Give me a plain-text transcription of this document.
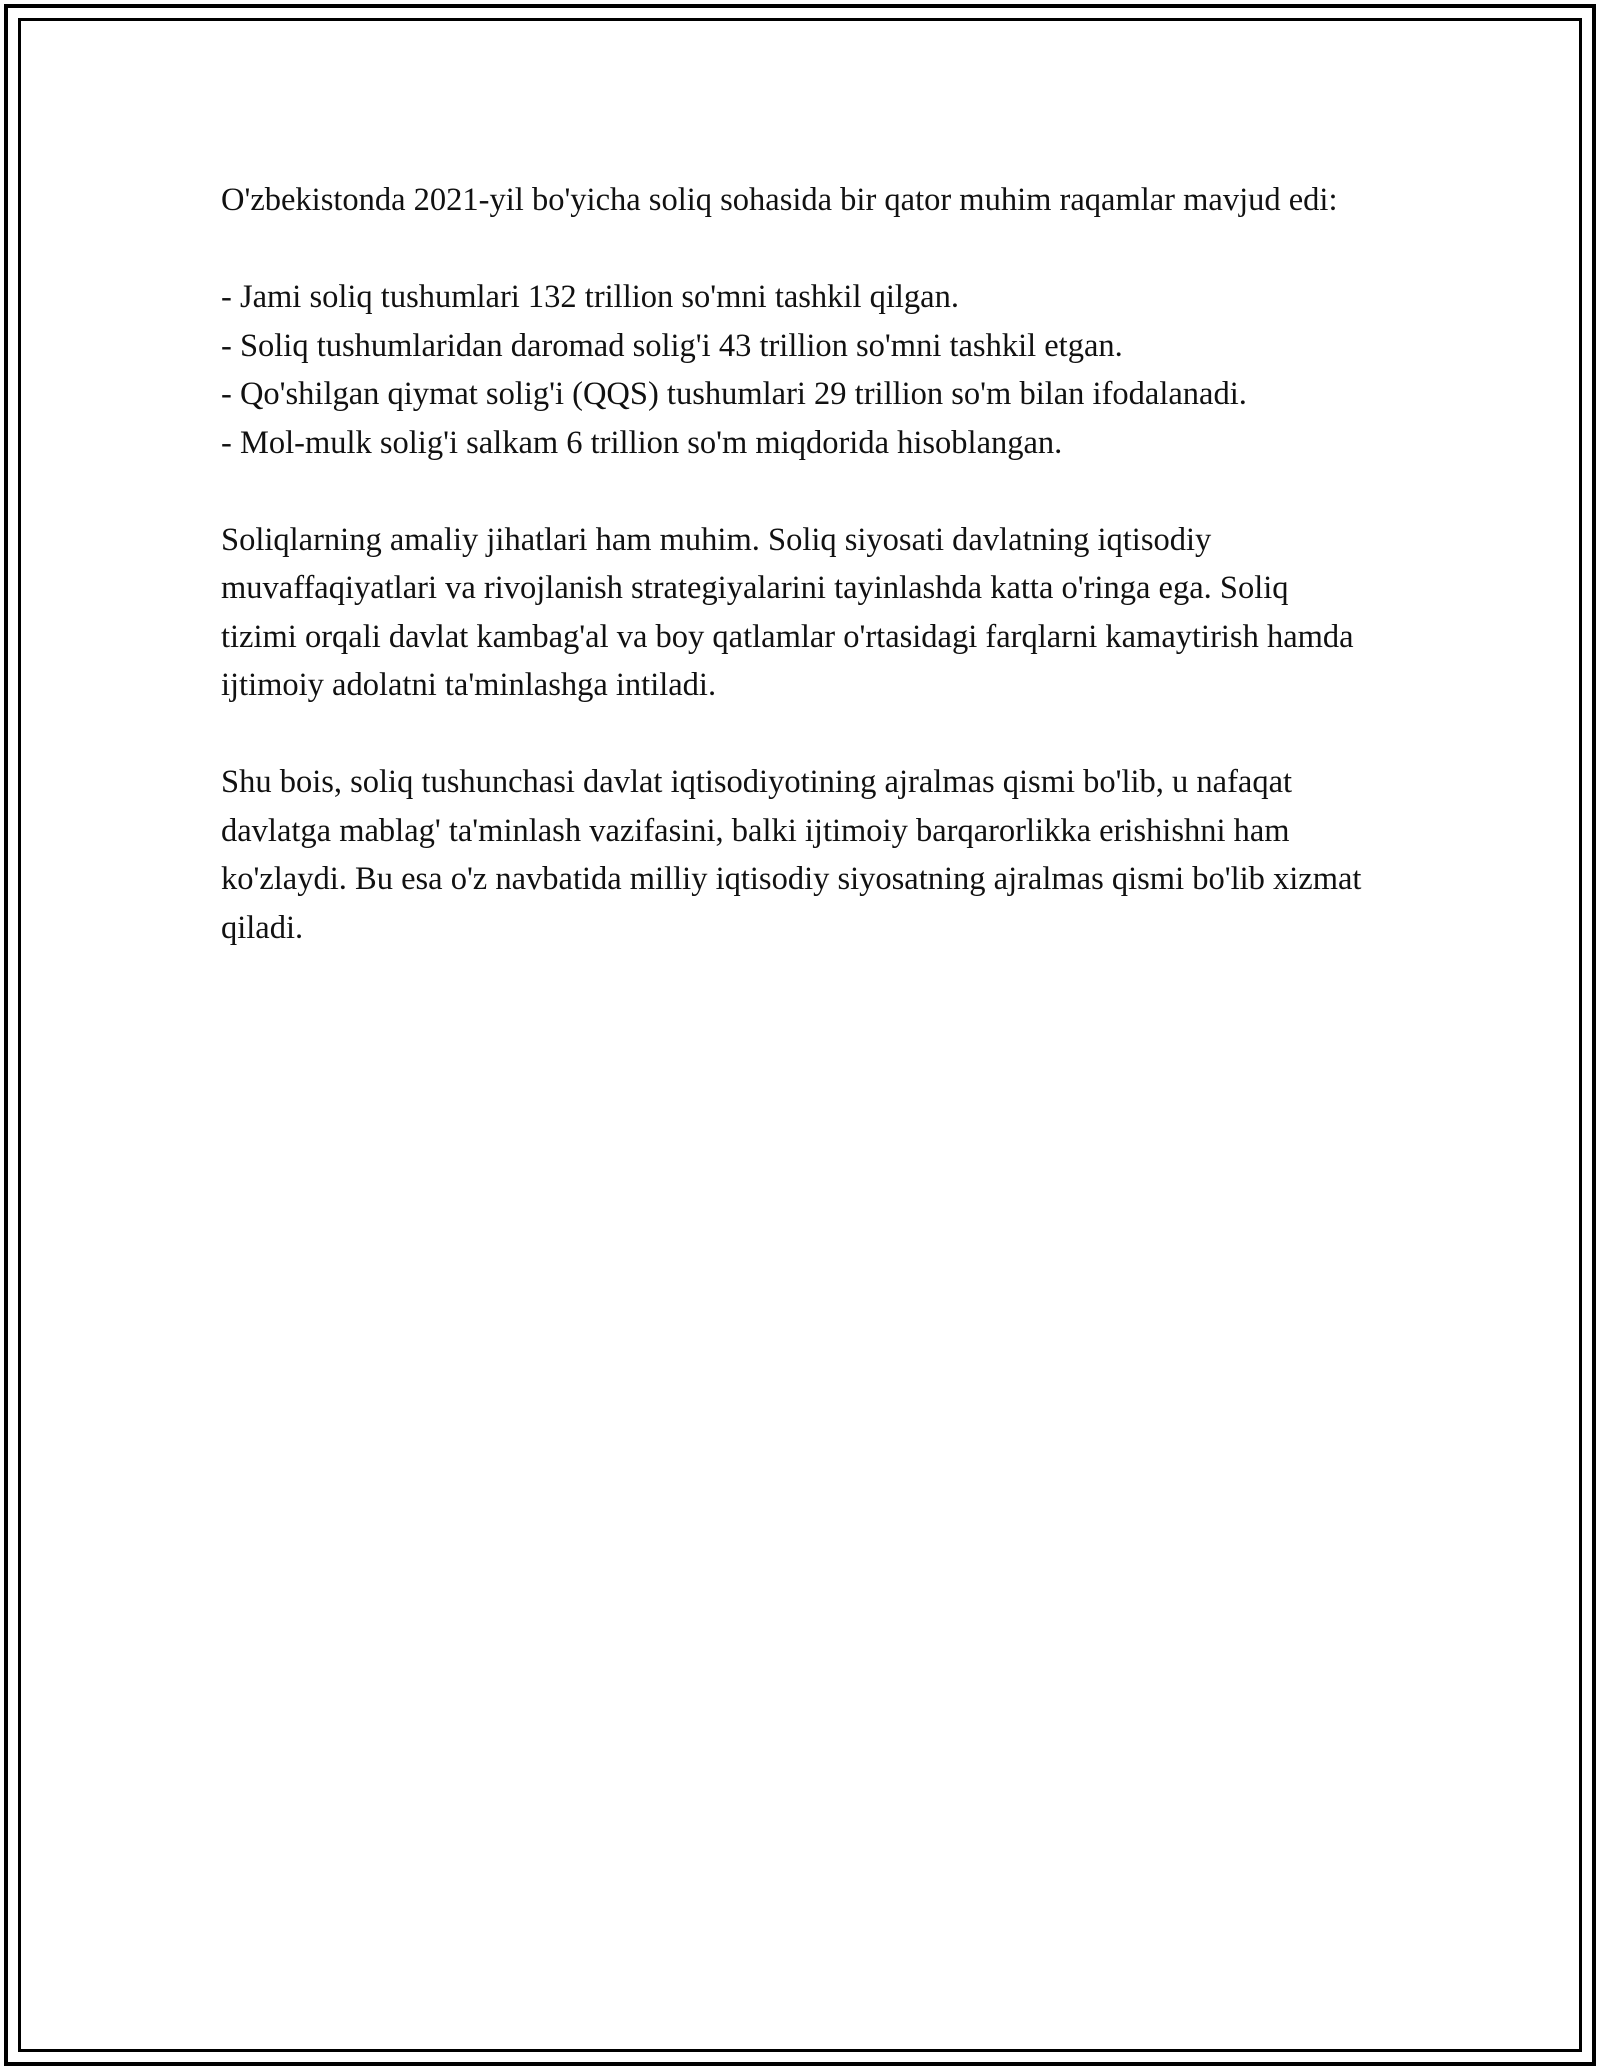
O'zbekistonda 2021-yil bo'yicha soliq sohasida bir qator muhim raqamlar mavjud edi:

- Jami soliq tushumlari 132 trillion so'mni tashkil qilgan.
- Soliq tushumlaridan daromad solig'i 43 trillion so'mni tashkil etgan.
- Qo'shilgan qiymat solig'i (QQS) tushumlari 29 trillion so'm bilan ifodalanadi.
- Mol-mulk solig'i salkam 6 trillion so'm miqdorida hisoblangan.

Soliqlarning amaliy jihatlari ham muhim. Soliq siyosati davlatning iqtisodiy muvaffaqiyatlari va rivojlanish strategiyalarini tayinlashda katta o'ringa ega. Soliq tizimi orqali davlat kambag'al va boy qatlamlar o'rtasidagi farqlarni kamaytirish hamda ijtimoiy adolatni ta'minlashga intiladi.

Shu bois, soliq tushunchasi davlat iqtisodiyotining ajralmas qismi bo'lib, u nafaqat davlatga mablag' ta'minlash vazifasini, balki ijtimoiy barqarorlikka erishishni ham ko'zlaydi. Bu esa o'z navbatida milliy iqtisodiy siyosatning ajralmas qismi bo'lib xizmat qiladi.
